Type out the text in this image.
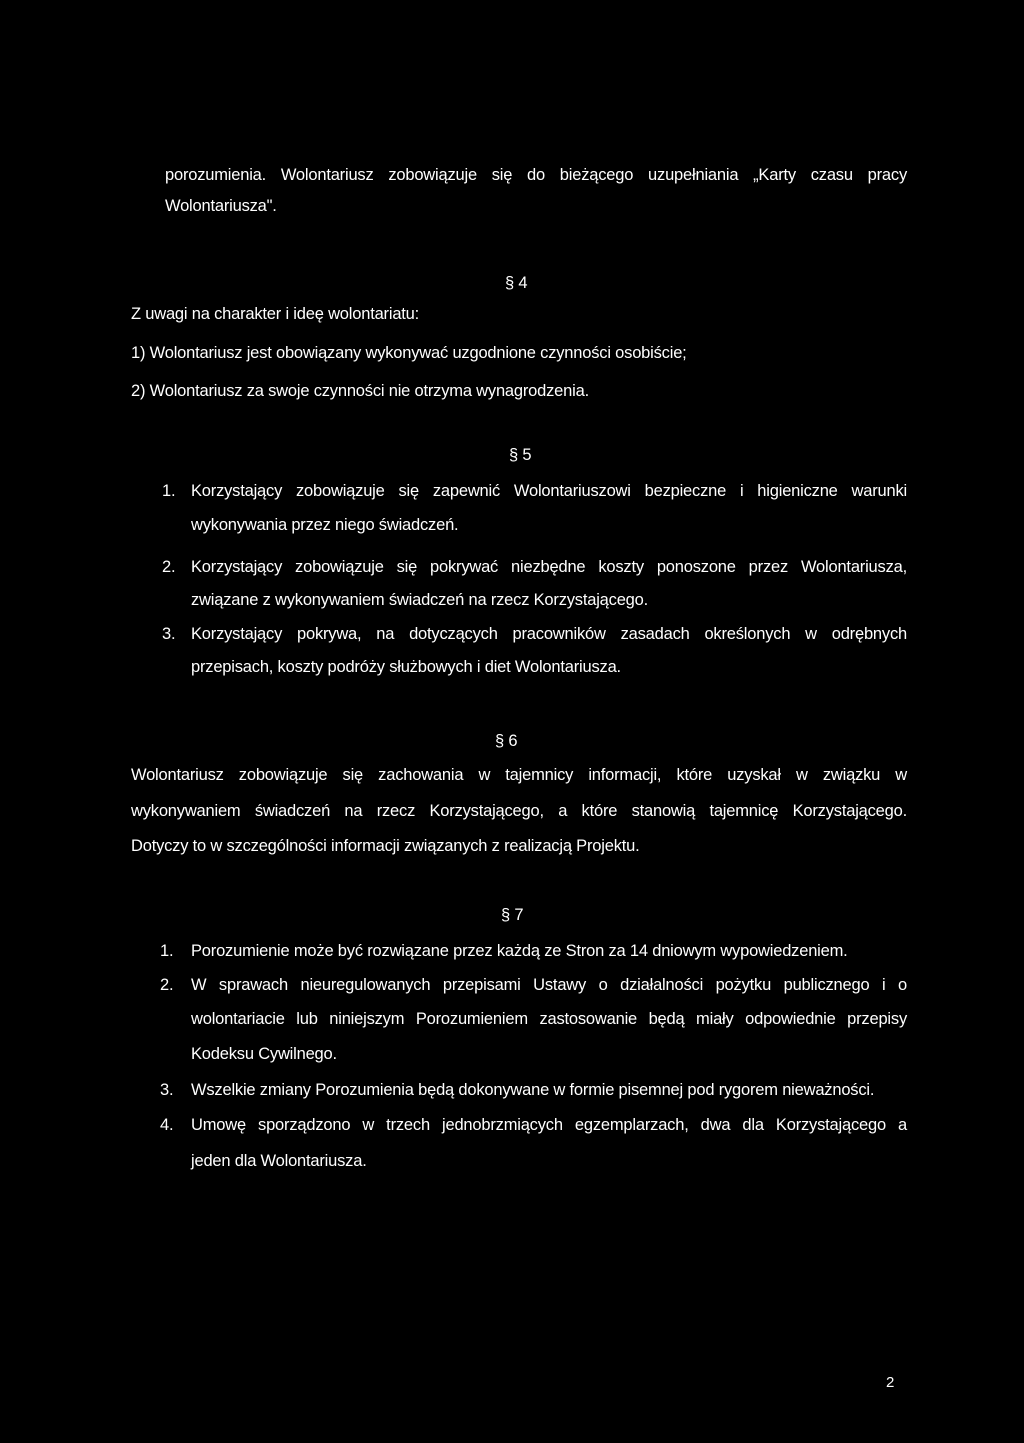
porozumienia. Wolontariusz zobowiązuje się do bieżącego uzupełniania „Karty czasu pracy
Wolontariusza".
§ 4
Z uwagi na charakter i ideę wolontariatu:
1) Wolontariusz jest obowiązany wykonywać uzgodnione czynności osobiście;
2) Wolontariusz za swoje czynności nie otrzyma wynagrodzenia.
§ 5
1. Korzystający zobowiązuje się zapewnić Wolontariuszowi bezpieczne i higieniczne warunki
wykonywania przez niego świadczeń.
2. Korzystający zobowiązuje się pokrywać niezbędne koszty ponoszone przez Wolontariusza,
związane z wykonywaniem świadczeń na rzecz Korzystającego.
3. Korzystający pokrywa, na dotyczących pracowników zasadach określonych w odrębnych
przepisach, koszty podróży służbowych i diet Wolontariusza.
§ 6
Wolontariusz zobowiązuje się zachowania w tajemnicy informacji, które uzyskał w związku w
wykonywaniem świadczeń na rzecz Korzystającego, a które stanowią tajemnicę Korzystającego.
Dotyczy to w szczególności informacji związanych z realizacją Projektu.
§ 7
1. Porozumienie może być rozwiązane przez każdą ze Stron za 14 dniowym wypowiedzeniem.
2. W sprawach nieuregulowanych przepisami Ustawy o działalności pożytku publicznego i o
wolontariacie lub niniejszym Porozumieniem zastosowanie będą miały odpowiednie przepisy
Kodeksu Cywilnego.
3. Wszelkie zmiany Porozumienia będą dokonywane w formie pisemnej pod rygorem nieważności.
4. Umowę sporządzono w trzech jednobrzmiących egzemplarzach, dwa dla Korzystającego a
jeden dla Wolontariusza.
2
